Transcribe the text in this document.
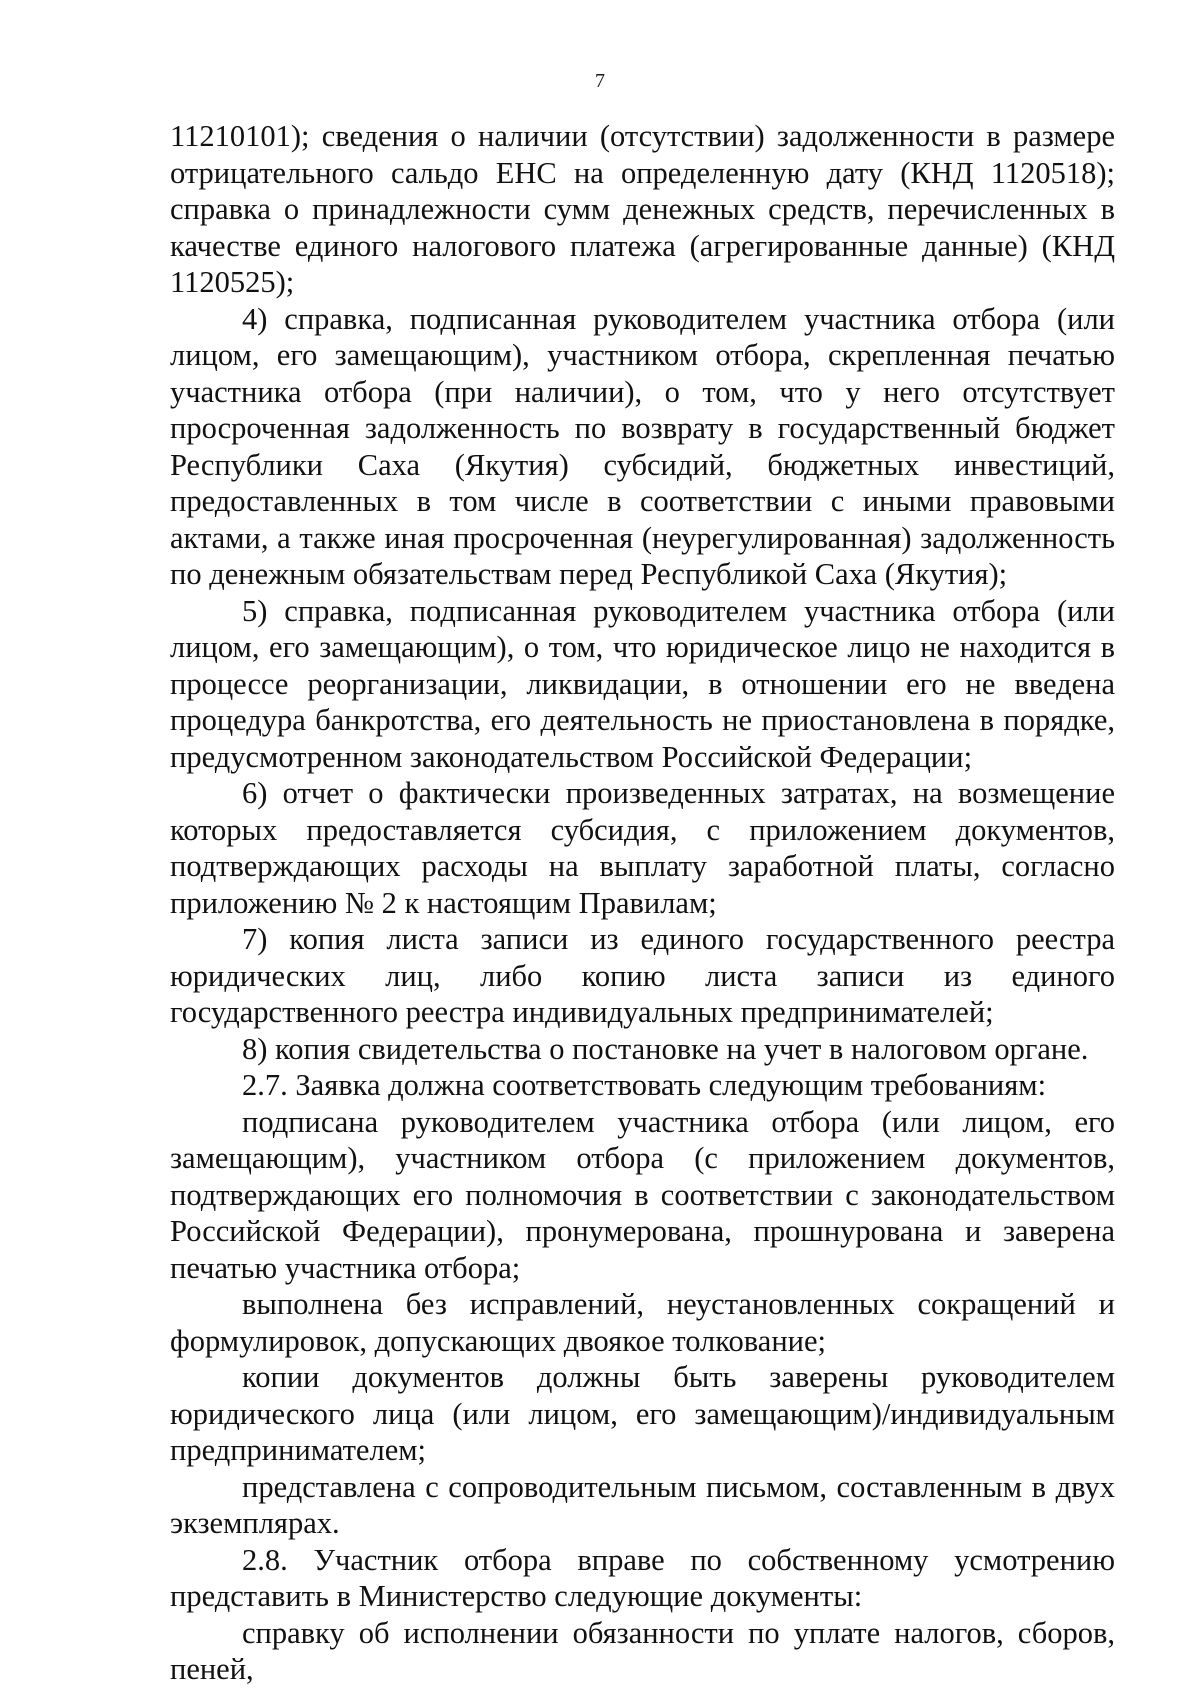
7

11210101); сведения о наличии (отсутствии) задолженности в размере отрицательного сальдо ЕНС на определенную дату (КНД 1120518); справка о принадлежности сумм денежных средств, перечисленных в качестве единого налогового платежа (агрегированные данные) (КНД 1120525);

4) справка, подписанная руководителем участника отбора (или лицом, его замещающим), участником отбора, скрепленная печатью участника отбора (при наличии), о том, что у него отсутствует просроченная задолженность по возврату в государственный бюджет Республики Саха (Якутия) субсидий, бюджетных инвестиций, предоставленных в том числе в соответствии с иными правовыми актами, а также иная просроченная (неурегулированная) задолженность по денежным обязательствам перед Республикой Саха (Якутия);

5) справка, подписанная руководителем участника отбора (или лицом, его замещающим), о том, что юридическое лицо не находится в процессе реорганизации, ликвидации, в отношении его не введена процедура банкротства, его деятельность не приостановлена в порядке, предусмотренном законодательством Российской Федерации;

6) отчет о фактически произведенных затратах, на возмещение которых предоставляется субсидия, с приложением документов, подтверждающих расходы на выплату заработной платы, согласно приложению № 2 к настоящим Правилам;

7) копия листа записи из единого государственного реестра юридических лиц, либо копию листа записи из единого государственного реестра индивидуальных предпринимателей;

8) копия свидетельства о постановке на учет в налоговом органе.

2.7. Заявка должна соответствовать следующим требованиям:

подписана руководителем участника отбора (или лицом, его замещающим), участником отбора (с приложением документов, подтверждающих его полномочия в соответствии с законодательством Российской Федерации), пронумерована, прошнурована и заверена печатью участника отбора;

выполнена без исправлений, неустановленных сокращений и формулировок, допускающих двоякое толкование;

копии документов должны быть заверены руководителем юридического лица (или лицом, его замещающим)/индивидуальным предпринимателем;

представлена с сопроводительным письмом, составленным в двух экземплярах.

2.8. Участник отбора вправе по собственному усмотрению представить в Министерство следующие документы:

справку об исполнении обязанности по уплате налогов, сборов, пеней,
